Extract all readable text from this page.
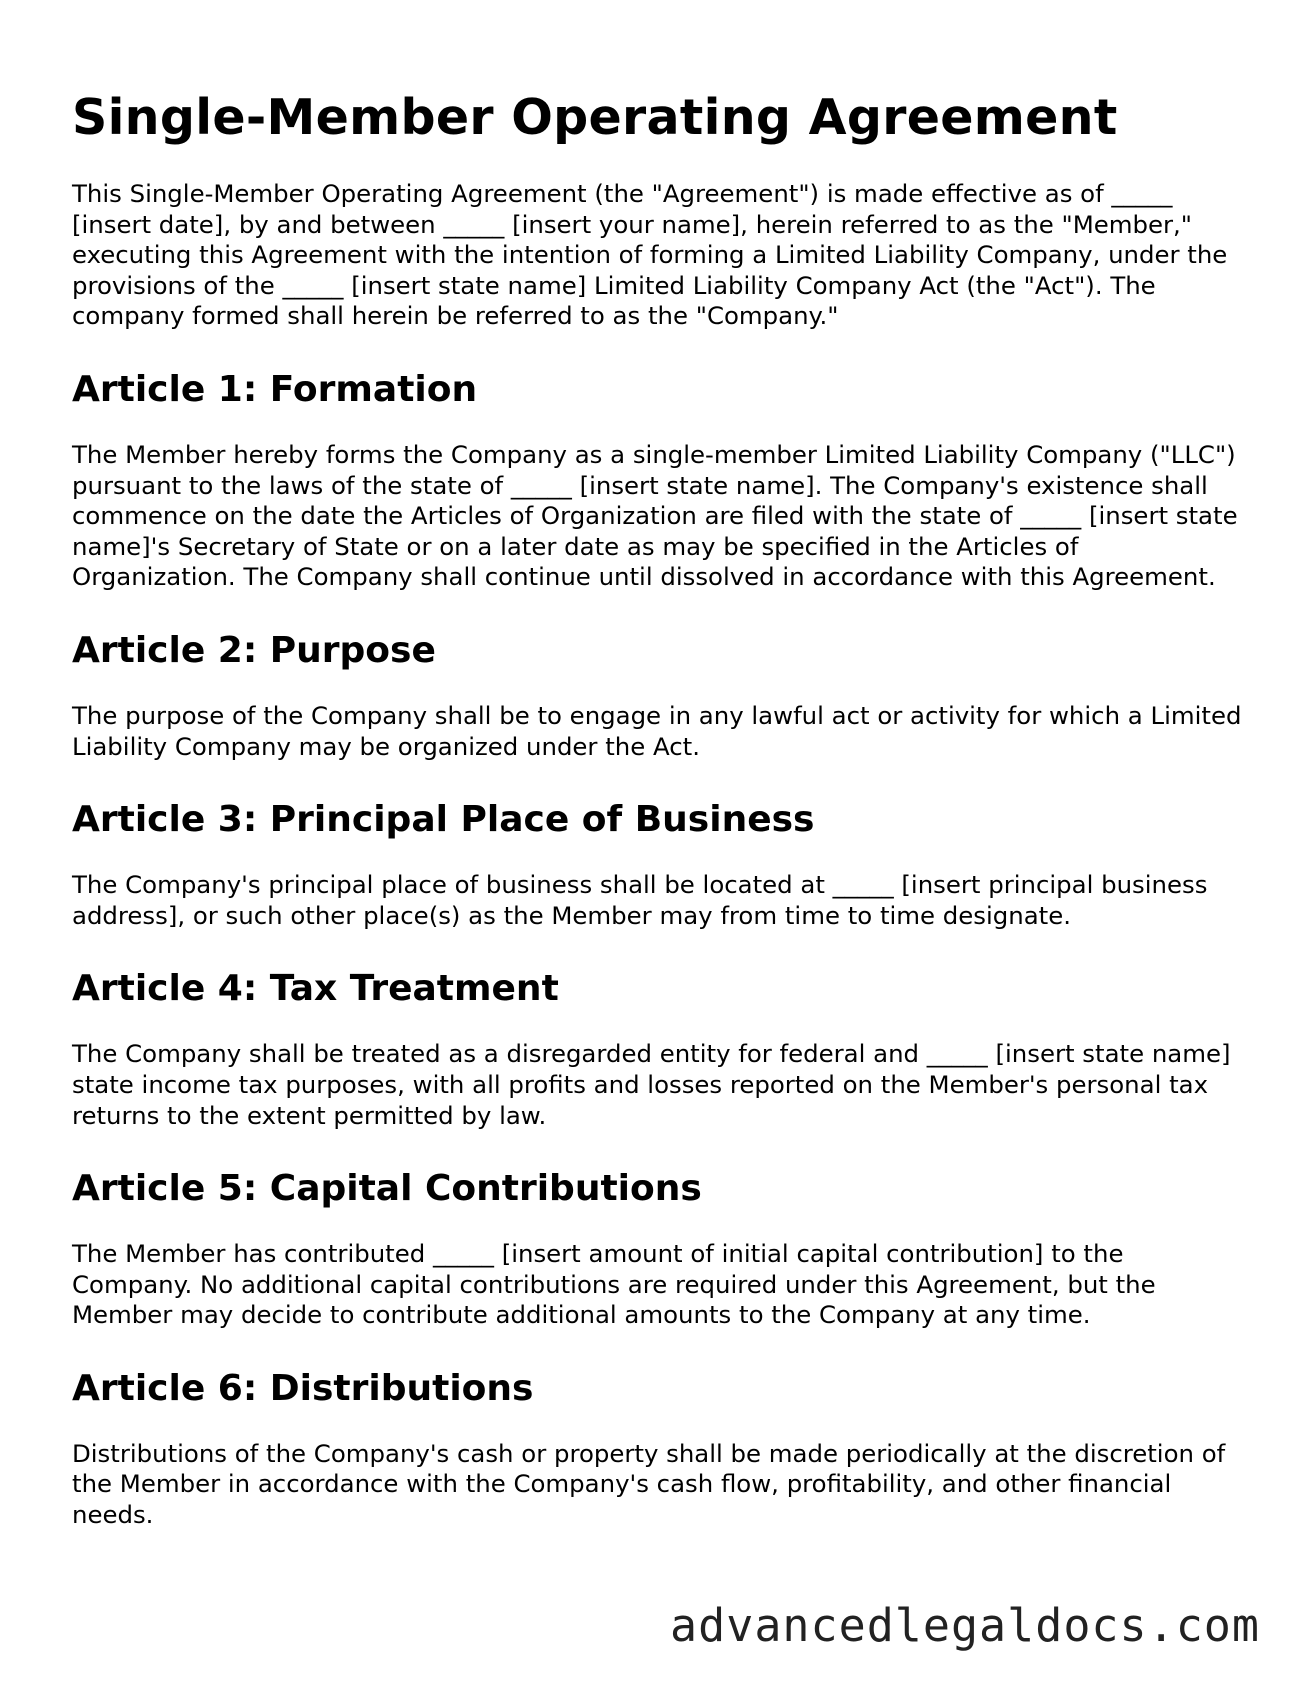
Single-Member Operating Agreement

This Single-Member Operating Agreement (the "Agreement") is made effective as of _____ [insert date], by and between _____ [insert your name], herein referred to as the "Member," executing this Agreement with the intention of forming a Limited Liability Company, under the provisions of the _____ [insert state name] Limited Liability Company Act (the "Act"). The company formed shall herein be referred to as the "Company."

Article 1: Formation

The Member hereby forms the Company as a single-member Limited Liability Company ("LLC") pursuant to the laws of the state of _____ [insert state name]. The Company's existence shall commence on the date the Articles of Organization are filed with the state of _____ [insert state name]'s Secretary of State or on a later date as may be specified in the Articles of Organization. The Company shall continue until dissolved in accordance with this Agreement.

Article 2: Purpose

The purpose of the Company shall be to engage in any lawful act or activity for which a Limited Liability Company may be organized under the Act.

Article 3: Principal Place of Business

The Company's principal place of business shall be located at _____ [insert principal business address], or such other place(s) as the Member may from time to time designate.

Article 4: Tax Treatment

The Company shall be treated as a disregarded entity for federal and _____ [insert state name] state income tax purposes, with all profits and losses reported on the Member's personal tax returns to the extent permitted by law.

Article 5: Capital Contributions

The Member has contributed _____ [insert amount of initial capital contribution] to the Company. No additional capital contributions are required under this Agreement, but the Member may decide to contribute additional amounts to the Company at any time.

Article 6: Distributions

Distributions of the Company's cash or property shall be made periodically at the discretion of the Member in accordance with the Company's cash flow, profitability, and other financial needs.

advancedlegaldocs.com
